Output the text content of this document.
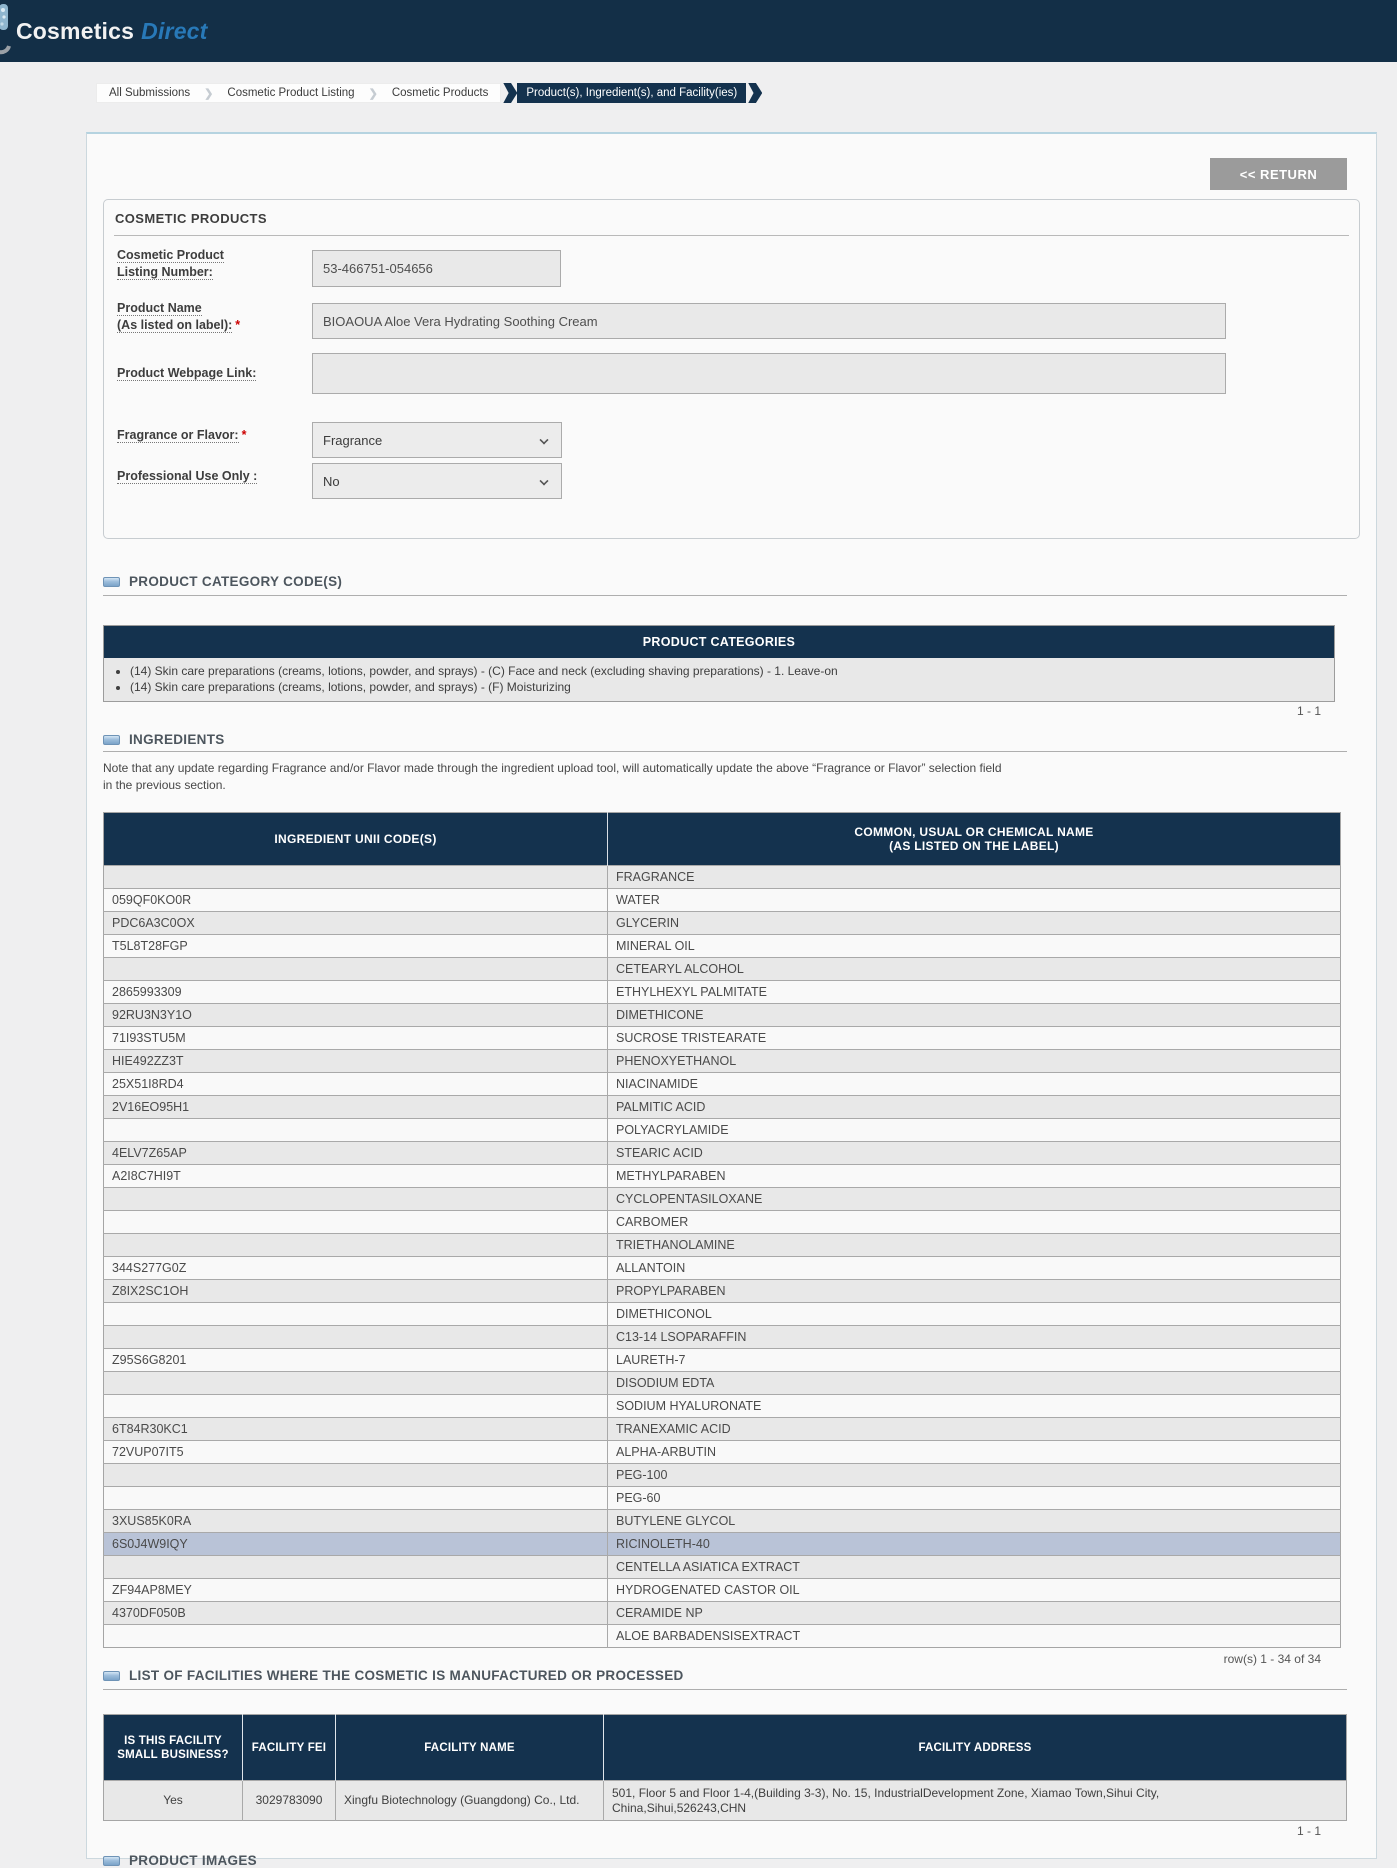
Cosmetics Direct
All Submissions ❯	Cosmetic Product Listing ❯	Cosmetic Products	Product(s), Ingredient(s), and Facility(ies)
<< RETURN
COSMETIC PRODUCTS
Cosmetic Product Listing Number:
53-466751-054656
Product Name
(As listed on label): *
BIOAOUA Aloe Vera Hydrating Soothing Cream
Product Webpage Link:
Fragrance or Flavor: *	Fragrance
Professional Use Only :	No
PRODUCT CATEGORY CODE(S)
PRODUCT CATEGORIES
• (14) Skin care preparations (creams, lotions, powder, and sprays) - (C) Face and neck (excluding shaving preparations) - 1. Leave-on
• (14) Skin care preparations (creams, lotions, powder, and sprays) - (F) Moisturizing
1 - 1
INGREDIENTS
Note that any update regarding Fragrance and/or Flavor made through the ingredient upload tool, will automatically update the above “Fragrance or Flavor” selection field
in the previous section.
INGREDIENT UNII CODE(S)	COMMON, USUAL OR CHEMICAL NAME
(AS LISTED ON THE LABEL)

	FRAGRANCE
059QF0KO0R	WATER
PDC6A3C0OX	GLYCERIN
T5L8T28FGP	MINERAL OIL
	CETEARYL ALCOHOL
2865993309	ETHYLHEXYL PALMITATE
92RU3N3Y1O	DIMETHICONE
71I93STU5M	SUCROSE TRISTEARATE
HIE492ZZ3T	PHENOXYETHANOL
25X51I8RD4	NIACINAMIDE
2V16EO95H1	PALMITIC ACID
	POLYACRYLAMIDE
4ELV7Z65AP	STEARIC ACID
A2I8C7HI9T	METHYLPARABEN
	CYCLOPENTASILOXANE
	CARBOMER
	TRIETHANOLAMINE
344S277G0Z	ALLANTOIN
Z8IX2SC1OH	PROPYLPARABEN
	DIMETHICONOL
	C13-14 LSOPARAFFIN
Z95S6G8201	LAURETH-7
	DISODIUM EDTA
	SODIUM HYALURONATE
6T84R30KC1	TRANEXAMIC ACID
72VUP07IT5	ALPHA-ARBUTIN
	PEG-100
	PEG-60
3XUS85K0RA	BUTYLENE GLYCOL
6S0J4W9IQY	RICINOLETH-40
	CENTELLA ASIATICA EXTRACT
ZF94AP8MEY	HYDROGENATED CASTOR OIL
4370DF050B	CERAMIDE NP
	ALOE BARBADENSISEXTRACT
row(s) 1 - 34 of 34
LIST OF FACILITIES WHERE THE COSMETIC IS MANUFACTURED OR PROCESSED
IS THIS FACILITY SMALL BUSINESS?	FACILITY FEI	FACILITY NAME	FACILITY ADDRESS
Yes	3029783090	Xingfu Biotechnology (Guangdong) Co., Ltd.	501, Floor 5 and Floor 1-4,(Building 3-3), No. 15, IndustrialDevelopment Zone, Xiamao Town,Sihui City, China,Sihui,526243,CHN
1 - 1
PRODUCT IMAGES
